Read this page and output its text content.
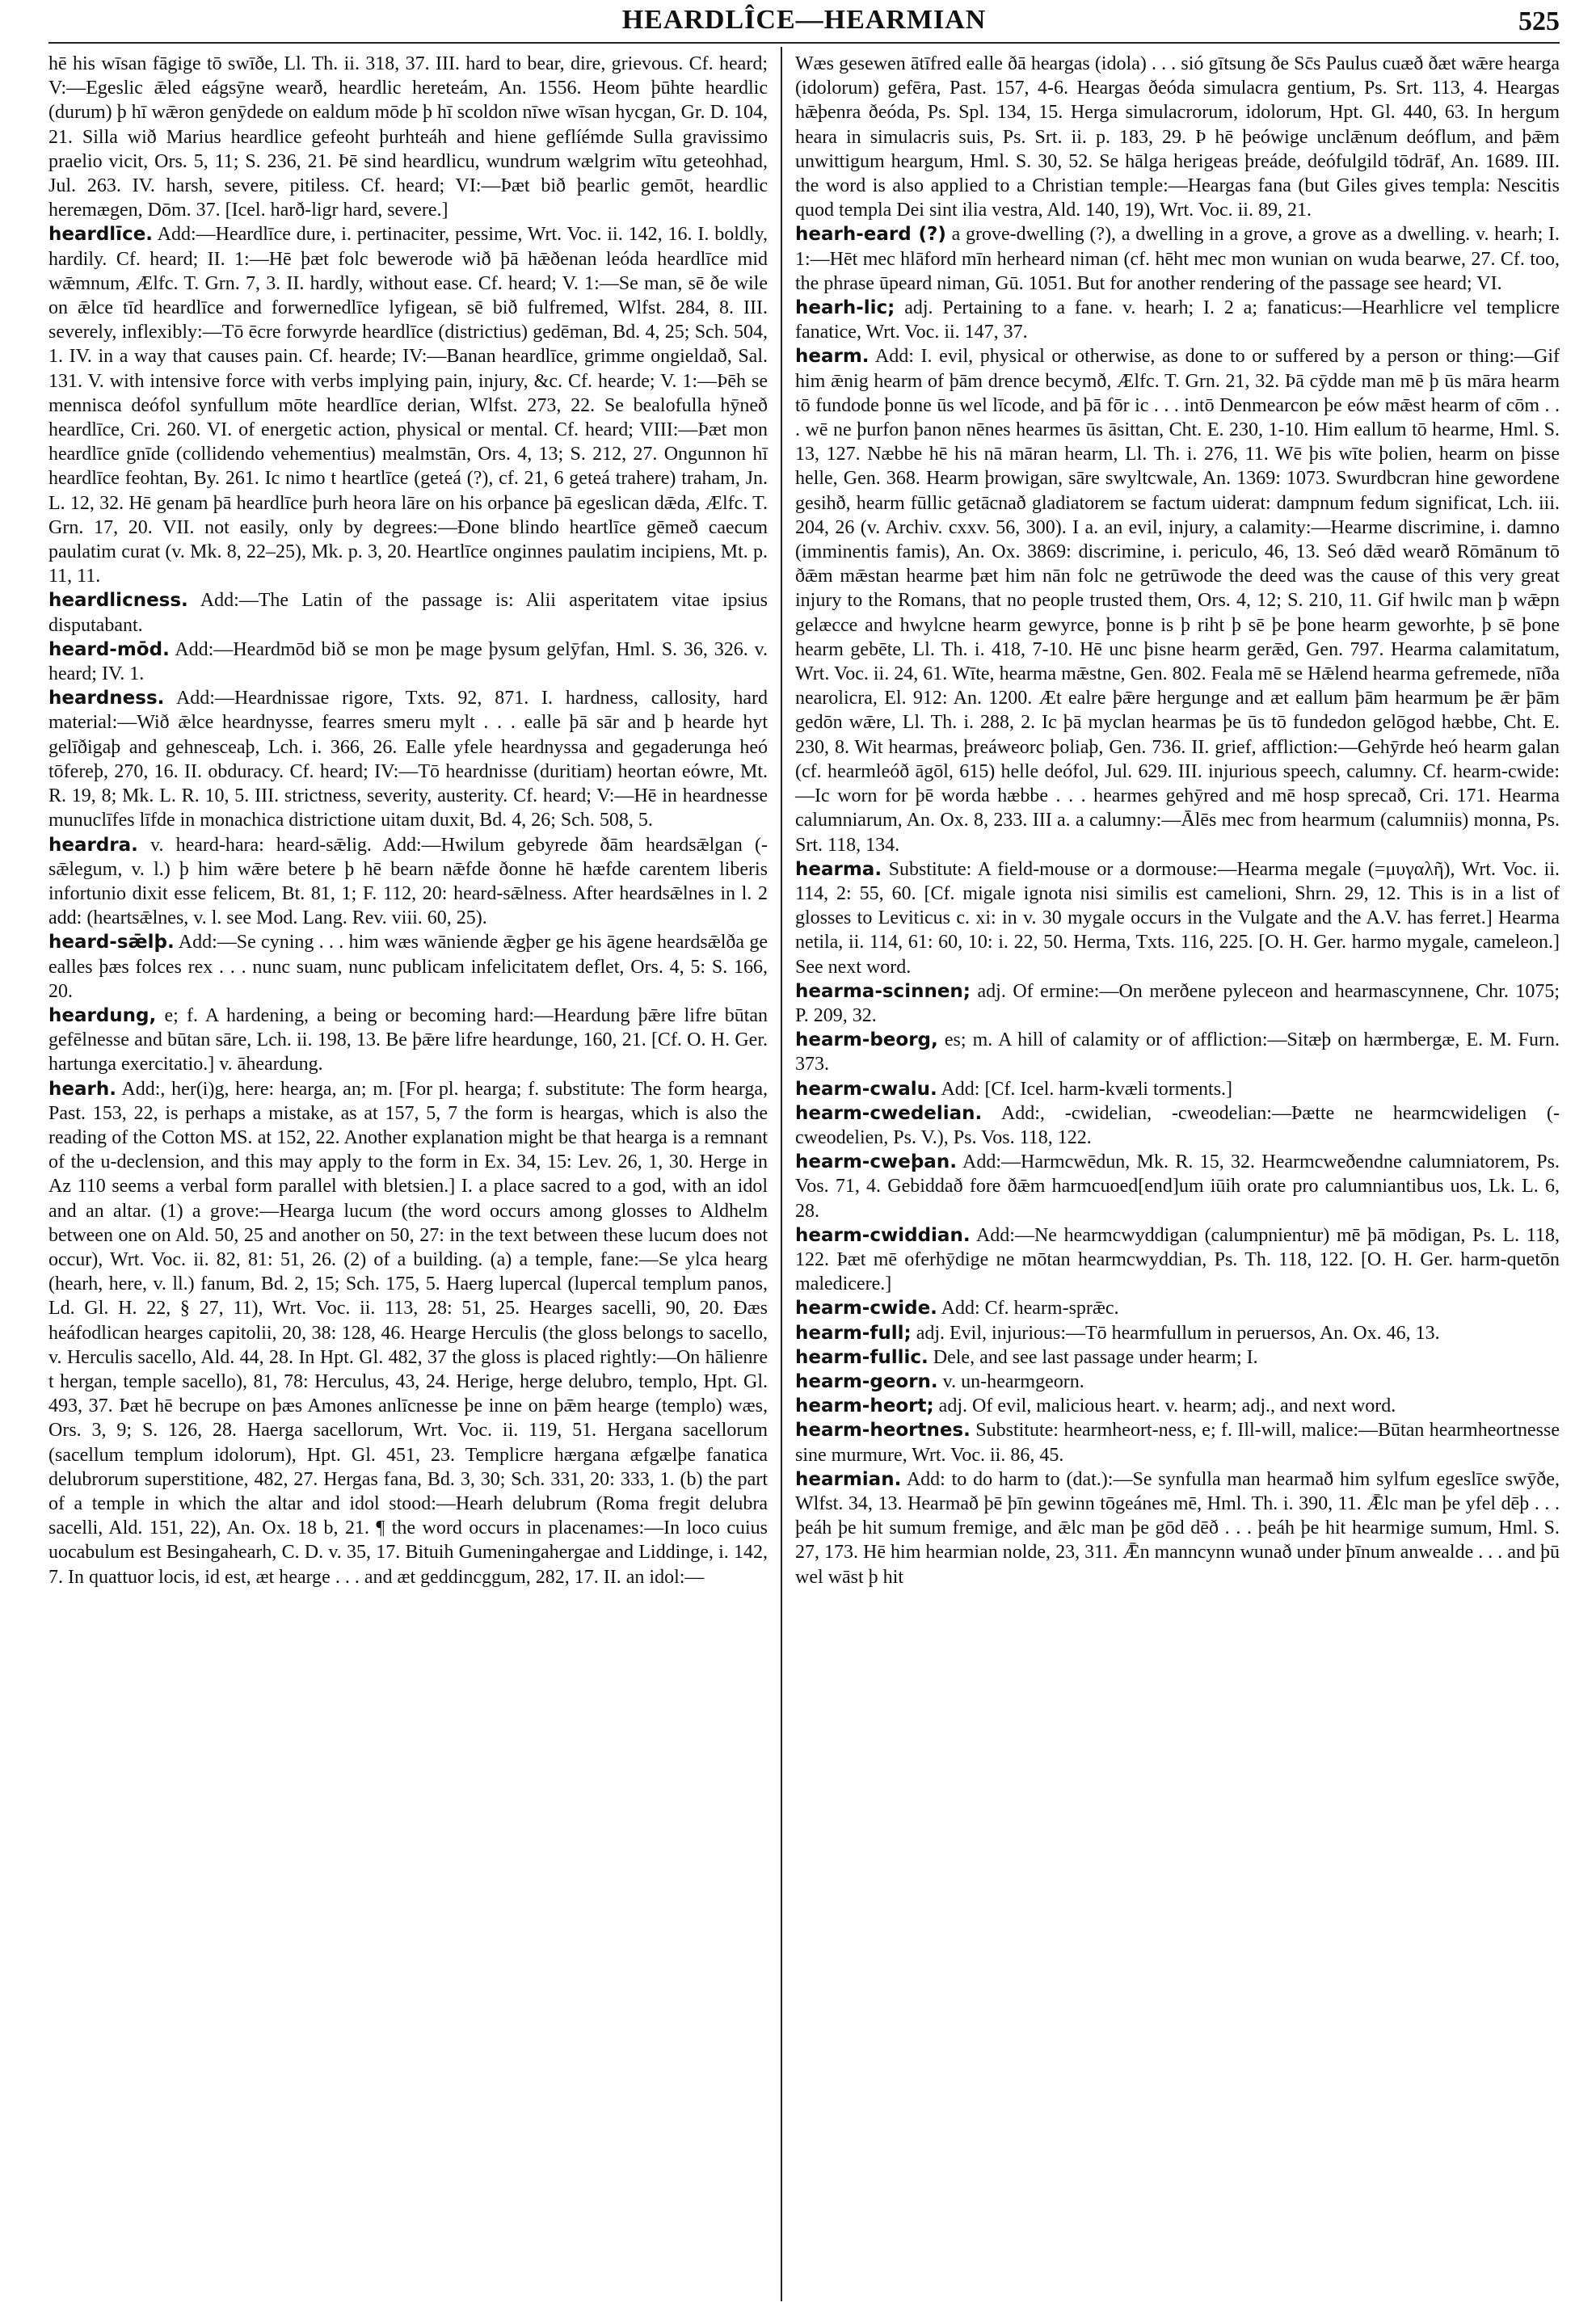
HEARDLÎCE—HEARMIAN	525

hē his wīsan fāgige tō swīðe, Ll. Th. ii. 318, 37. III. hard to bear, dire, grievous. Cf. heard; V:—Egeslic ǣled eágsȳne wearð, heardlic hereteám, An. 1556. Heom þūhte heardlic (durum) þ hī wǣron genȳdede on ealdum mōde þ hī scoldon nīwe wīsan hycgan, Gr. D. 104, 21. Silla wið Marius heardlice gefeoht þurhteáh and hiene geflíémde Sulla gravissimo praelio vicit, Ors. 5, 11; S. 236, 21. Þē sind heardlicu, wundrum wælgrim wītu geteohhad, Jul. 263. IV. harsh, severe, pitiless. Cf. heard; VI:—Þæt bið þearlic gemōt, heardlic heremægen, Dōm. 37. [Icel. harð-ligr hard, severe.]

heardlīce. Add:—Heardlīce dure, i. pertinaciter, pessime, Wrt. Voc. ii. 142, 16. I. boldly, hardily. Cf. heard; II. 1:—Hē þæt folc bewerode wið þā hǣðenan leóda heardlīce mid wǣmnum, Ælfc. T. Grn. 7, 3. II. hardly, without ease. Cf. heard; V. 1:—Se man, sē ðe wile on ǣlce tīd heardlīce and forwernedlīce lyfigean, sē bið fulfremed, Wlfst. 284, 8. III. severely, inflexibly:—Tō ēcre forwyrde heardlīce (districtius) gedēman, Bd. 4, 25; Sch. 504, 1. IV. in a way that causes pain. Cf. hearde; IV:—Banan heardlīce, grimme ongieldað, Sal. 131. V. with intensive force with verbs implying pain, injury, &c. Cf. hearde; V. 1:—Þēh se mennisca deófol synfullum mōte heardlīce derian, Wlfst. 273, 22. Se bealofulla hȳneð heardlīce, Cri. 260. VI. of energetic action, physical or mental. Cf. heard; VIII:—Þæt mon heardlīce gnīde (collidendo vehementius) mealmstān, Ors. 4, 13; S. 212, 27. Ongunnon hī heardlīce feohtan, By. 261. Ic nimo t heartlīce (geteá (?), cf. 21, 6 geteá trahere) traham, Jn. L. 12, 32. Hē genam þā heardlīce þurh heora lāre on his orþance þā egeslican dǣda, Ælfc. T. Grn. 17, 20. VII. not easily, only by degrees:—Ðone blindo heartlīce gēmeð caecum paulatim curat (v. Mk. 8, 22–25), Mk. p. 3, 20. Heartlīce onginnes paulatim incipiens, Mt. p. 11, 11.

heardlicness. Add:—The Latin of the passage is: Alii asperitatem vitae ipsius disputabant.

heard-mōd. Add:—Heardmōd bið se mon þe mage þysum gelȳfan, Hml. S. 36, 326. v. heard; IV. 1.

heardness. Add:—Heardnissae rigore, Txts. 92, 871. I. hardness, callosity, hard material:—Wið ǣlce heardnysse, fearres smeru mylt . . . ealle þā sār and þ hearde hyt gelīðigaþ and gehnesceaþ, Lch. i. 366, 26. Ealle yfele heardnyssa and gegaderunga heó tōfereþ, 270, 16. II. obduracy. Cf. heard; IV:—Tō heardnisse (duritiam) heortan eówre, Mt. R. 19, 8; Mk. L. R. 10, 5. III. strictness, severity, austerity. Cf. heard; V:—Hē in heardnesse munuclīfes līfde in monachica districtione uitam duxit, Bd. 4, 26; Sch. 508, 5.

heardra. v. heard-hara: heard-sǣlig. Add:—Hwilum gebyrede ðām heardsǣlgan (-sǣlegum, v. l.) þ him wǣre betere þ hē bearn nǣfde ðonne hē hæfde carentem liberis infortunio dixit esse felicem, Bt. 81, 1; F. 112, 20: heard-sǣlness. After heardsǣlnes in l. 2 add: (heartsǣlnes, v. l. see Mod. Lang. Rev. viii. 60, 25).

heard-sǣlþ. Add:—Se cyning . . . him wæs wāniende ǣgþer ge his āgene heardsǣlða ge ealles þæs folces rex . . . nunc suam, nunc publicam infelicitatem deflet, Ors. 4, 5: S. 166, 20.

heardung, e; f. A hardening, a being or becoming hard:—Heardung þǣre lifre būtan gefēlnesse and būtan sāre, Lch. ii. 198, 13. Be þǣre lifre heardunge, 160, 21. [Cf. O. H. Ger. hartunga exercitatio.] v. āheardung.

hearh. Add:, her(i)g, here: hearga, an; m. [For pl. hearga; f. substitute: The form hearga, Past. 153, 22, is perhaps a mistake, as at 157, 5, 7 the form is heargas, which is also the reading of the Cotton MS. at 152, 22. Another explanation might be that hearga is a remnant of the u-declension, and this may apply to the form in Ex. 34, 15: Lev. 26, 1, 30. Herge in Az 110 seems a verbal form parallel with bletsien.] I. a place sacred to a god, with an idol and an altar. (1) a grove:—Hearga lucum (the word occurs among glosses to Aldhelm between one on Ald. 50, 25 and another on 50, 27: in the text between these lucum does not occur), Wrt. Voc. ii. 82, 81: 51, 26. (2) of a building. (a) a temple, fane:—Se ylca hearg (hearh, here, v. ll.) fanum, Bd. 2, 15; Sch. 175, 5. Haerg lupercal (lupercal templum panos, Ld. Gl. H. 22, § 27, 11), Wrt. Voc. ii. 113, 28: 51, 25. Hearges sacelli, 90, 20. Ðæs heáfodlican hearges capitolii, 20, 38: 128, 46. Hearge Herculis (the gloss belongs to sacello, v. Herculis sacello, Ald. 44, 28. In Hpt. Gl. 482, 37 the gloss is placed rightly:—On hālienre t hergan, temple sacello), 81, 78: Herculus, 43, 24. Herige, herge delubro, templo, Hpt. Gl. 493, 37. Þæt hē becrupe on þæs Amones anlīcnesse þe inne on þǣm hearge (templo) wæs, Ors. 3, 9; S. 126, 28. Haerga sacellorum, Wrt. Voc. ii. 119, 51. Hergana sacellorum (sacellum templum idolorum), Hpt. Gl. 451, 23. Templicre hærgana æfgælþe fanatica delubrorum superstitione, 482, 27. Hergas fana, Bd. 3, 30; Sch. 331, 20: 333, 1. (b) the part of a temple in which the altar and idol stood:—Hearh delubrum (Roma fregit delubra sacelli, Ald. 151, 22), An. Ox. 18 b, 21. ¶ the word occurs in placenames:—In loco cuius uocabulum est Besingahearh, C. D. v. 35, 17. Bituih Gumeningahergae and Liddinge, i. 142, 7. In quattuor locis, id est, æt hearge . . . and æt geddincggum, 282, 17. II. an idol:—

Wæs gesewen ātīfred ealle ðā heargas (idola) . . . sió gītsung ðe Sc̄s Paulus cuæð ðæt wǣre hearga (idolorum) gefēra, Past. 157, 4-6. Heargas ðeóda simulacra gentium, Ps. Srt. 113, 4. Heargas hǣþenra ðeóda, Ps. Spl. 134, 15. Herga simulacrorum, idolorum, Hpt. Gl. 440, 63. In hergum heara in simulacris suis, Ps. Srt. ii. p. 183, 29. Þ hē þeówige unclǣnum deóflum, and þǣm unwittigum heargum, Hml. S. 30, 52. Se hālga herigeas þreáde, deófulgild tōdrāf, An. 1689. III. the word is also applied to a Christian temple:—Heargas fana (but Giles gives templa: Nescitis quod templa Dei sint ilia vestra, Ald. 140, 19), Wrt. Voc. ii. 89, 21.

hearh-eard (?) a grove-dwelling (?), a dwelling in a grove, a grove as a dwelling. v. hearh; I. 1:—Hēt mec hlāford mīn herheard niman (cf. hēht mec mon wunian on wuda bearwe, 27. Cf. too, the phrase ūpeard niman, Gū. 1051. But for another rendering of the passage see heard; VI.

hearh-lic; adj. Pertaining to a fane. v. hearh; I. 2 a; fanaticus:—Hearhlicre vel templicre fanatice, Wrt. Voc. ii. 147, 37.

hearm. Add: I. evil, physical or otherwise, as done to or suffered by a person or thing:—Gif him ǣnig hearm of þām drence becymð, Ælfc. T. Grn. 21, 32. Þā cȳdde man mē þ ūs māra hearm tō fundode þonne ūs wel līcode, and þā fōr ic . . . intō Denmearcon þe eów mǣst hearm of cōm . . . wē ne þurfon þanon nēnes hearmes ūs āsittan, Cht. E. 230, 1-10. Him eallum tō hearme, Hml. S. 13, 127. Næbbe hē his nā māran hearm, Ll. Th. i. 276, 11. Wē þis wīte þolien, hearm on þisse helle, Gen. 368. Hearm þrowigan, sāre swyltcwale, An. 1369: 1073. Swurdbcran hine gewordene gesihð, hearm fūllic getācnað gladiatorem se factum uiderat: dampnum fedum significat, Lch. iii. 204, 26 (v. Archiv. cxxv. 56, 300). I a. an evil, injury, a calamity:—Hearme discrimine, i. damno (imminentis famis), An. Ox. 3869: discrimine, i. periculo, 46, 13. Seó dǣd wearð Rōmānum tō ðǣm mǣstan hearme þæt him nān folc ne getrūwode the deed was the cause of this very great injury to the Romans, that no people trusted them, Ors. 4, 12; S. 210, 11. Gif hwilc man þ wǣpn gelæcce and hwylcne hearm gewyrce, þonne is þ riht þ sē þe þone hearm geworhte, þ sē þone hearm gebēte, Ll. Th. i. 418, 7-10. Hē unc þisne hearm gerǣd, Gen. 797. Hearma calamitatum, Wrt. Voc. ii. 24, 61. Wīte, hearma mǣstne, Gen. 802. Feala mē se Hǣlend hearma gefremede, nīða nearolicra, El. 912: An. 1200. Æt ealre þǣre hergunge and æt eallum þām hearmum þe ǣr þām gedōn wǣre, Ll. Th. i. 288, 2. Ic þā myclan hearmas þe ūs tō fundedon gelōgod hæbbe, Cht. E. 230, 8. Wit hearmas, þreáweorc þoliaþ, Gen. 736. II. grief, affliction:—Gehȳrde heó hearm galan (cf. hearmleóð āgōl, 615) helle deófol, Jul. 629. III. injurious speech, calumny. Cf. hearm-cwide:—Ic worn for þē worda hæbbe . . . hearmes gehȳred and mē hosp sprecað, Cri. 171. Hearma calumniarum, An. Ox. 8, 233. III a. a calumny:—Ālēs mec from hearmum (calumniis) monna, Ps. Srt. 118, 134.

hearma. Substitute: A field-mouse or a dormouse:—Hearma megale (=μυγαλῆ), Wrt. Voc. ii. 114, 2: 55, 60. [Cf. migale ignota nisi similis est camelioni, Shrn. 29, 12. This is in a list of glosses to Leviticus c. xi: in v. 30 mygale occurs in the Vulgate and the A.V. has ferret.] Hearma netila, ii. 114, 61: 60, 10: i. 22, 50. Herma, Txts. 116, 225. [O. H. Ger. harmo mygale, cameleon.] See next word.

hearma-scinnen; adj. Of ermine:—On merðene pyleceon and hearmascynnene, Chr. 1075; P. 209, 32.

hearm-beorg, es; m. A hill of calamity or of affliction:—Sitæþ on hærmbergæ, E. M. Furn. 373.

hearm-cwalu. Add: [Cf. Icel. harm-kvæli torments.]

hearm-cwedelian. Add:, -cwidelian, -cweodelian:—Þætte ne hearmcwideligen (-cweodelien, Ps. V.), Ps. Vos. 118, 122.

hearm-cweþan. Add:—Harmcwēdun, Mk. R. 15, 32. Hearmcweðendne calumniatorem, Ps. Vos. 71, 4. Gebiddað fore ðǣm harmcuoed[end]um iūih orate pro calumniantibus uos, Lk. L. 6, 28.

hearm-cwiddian. Add:—Ne hearmcwyddigan (calumpnientur) mē þā mōdigan, Ps. L. 118, 122. Þæt mē oferhȳdige ne mōtan hearmcwyddian, Ps. Th. 118, 122. [O. H. Ger. harm-quetōn maledicere.]

hearm-cwide. Add: Cf. hearm-sprǣc.

hearm-full; adj. Evil, injurious:—Tō hearmfullum in peruersos, An. Ox. 46, 13.

hearm-fullic. Dele, and see last passage under hearm; I.

hearm-georn. v. un-hearmgeorn.

hearm-heort; adj. Of evil, malicious heart. v. hearm; adj., and next word.

hearm-heortnes. Substitute: hearmheort-ness, e; f. Ill-will, malice:—Būtan hearmheortnesse sine murmure, Wrt. Voc. ii. 86, 45.

hearmian. Add: to do harm to (dat.):—Se synfulla man hearmað him sylfum egeslīce swȳðe, Wlfst. 34, 13. Hearmað þē þīn gewinn tōgeánes mē, Hml. Th. i. 390, 11. Ǣlc man þe yfel dēþ . . . þeáh þe hit sumum fremige, and ǣlc man þe gōd dēð . . . þeáh þe hit hearmige sumum, Hml. S. 27, 173. Hē him hearmian nolde, 23, 311. Ǣn manncynn wunað under þīnum anwealde . . . and þū wel wāst þ hit
